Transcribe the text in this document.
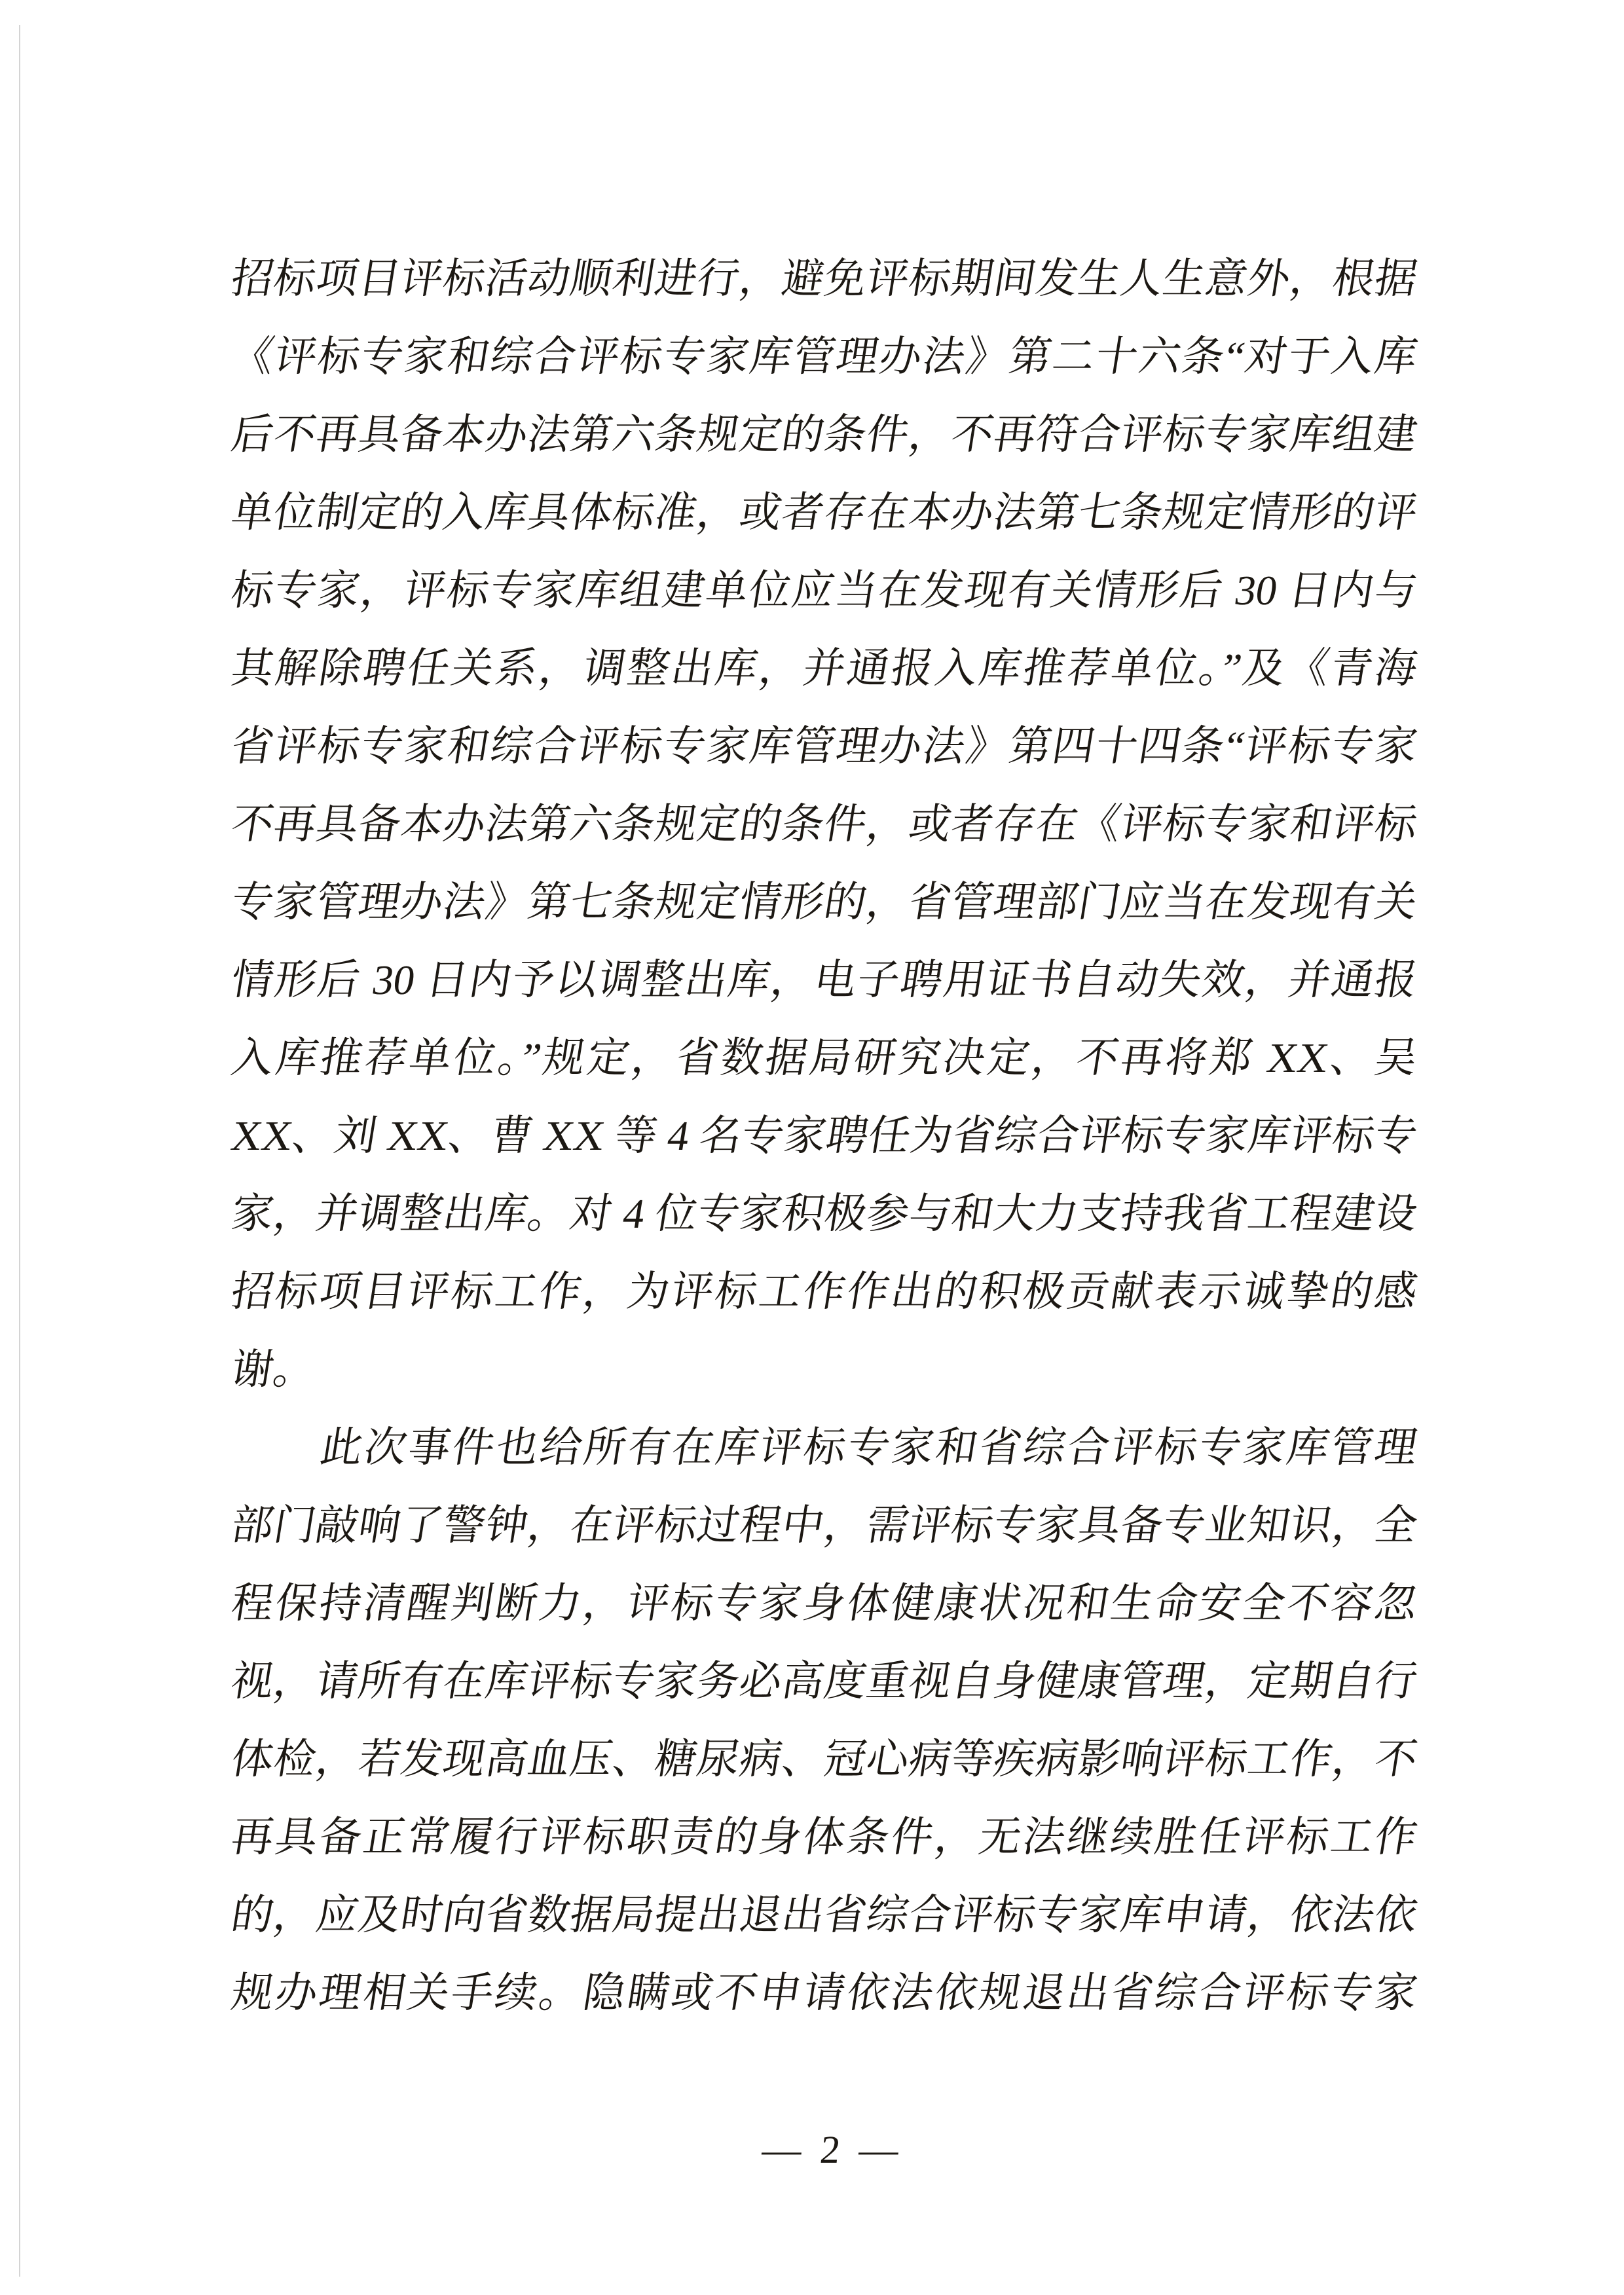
招标项目评标活动顺利进行，避免评标期间发生人生意外，根据
《评标专家和综合评标专家库管理办法》第二十六条“对于入库
后不再具备本办法第六条规定的条件，不再符合评标专家库组建
单位制定的入库具体标准，或者存在本办法第七条规定情形的评
标专家，评标专家库组建单位应当在发现有关情形后 30 日内与
其解除聘任关系，调整出库，并通报入库推荐单位。”及《青海
省评标专家和综合评标专家库管理办法》第四十四条“评标专家
不再具备本办法第六条规定的条件，或者存在《评标专家和评标
专家管理办法》第七条规定情形的，省管理部门应当在发现有关
情形后 30 日内予以调整出库，电子聘用证书自动失效，并通报
入库推荐单位。”规定，省数据局研究决定，不再将郑 XX、吴
XX、刘 XX、曹 XX 等 4 名专家聘任为省综合评标专家库评标专
家，并调整出库。对 4 位专家积极参与和大力支持我省工程建设
招标项目评标工作，为评标工作作出的积极贡献表示诚挚的感
谢。
此次事件也给所有在库评标专家和省综合评标专家库管理
部门敲响了警钟，在评标过程中，需评标专家具备专业知识，全
程保持清醒判断力，评标专家身体健康状况和生命安全不容忽
视，请所有在库评标专家务必高度重视自身健康管理，定期自行
体检，若发现高血压、糖尿病、冠心病等疾病影响评标工作，不
再具备正常履行评标职责的身体条件，无法继续胜任评标工作
的，应及时向省数据局提出退出省综合评标专家库申请，依法依
规办理相关手续。隐瞒或不申请依法依规退出省综合评标专家
— 2 —
